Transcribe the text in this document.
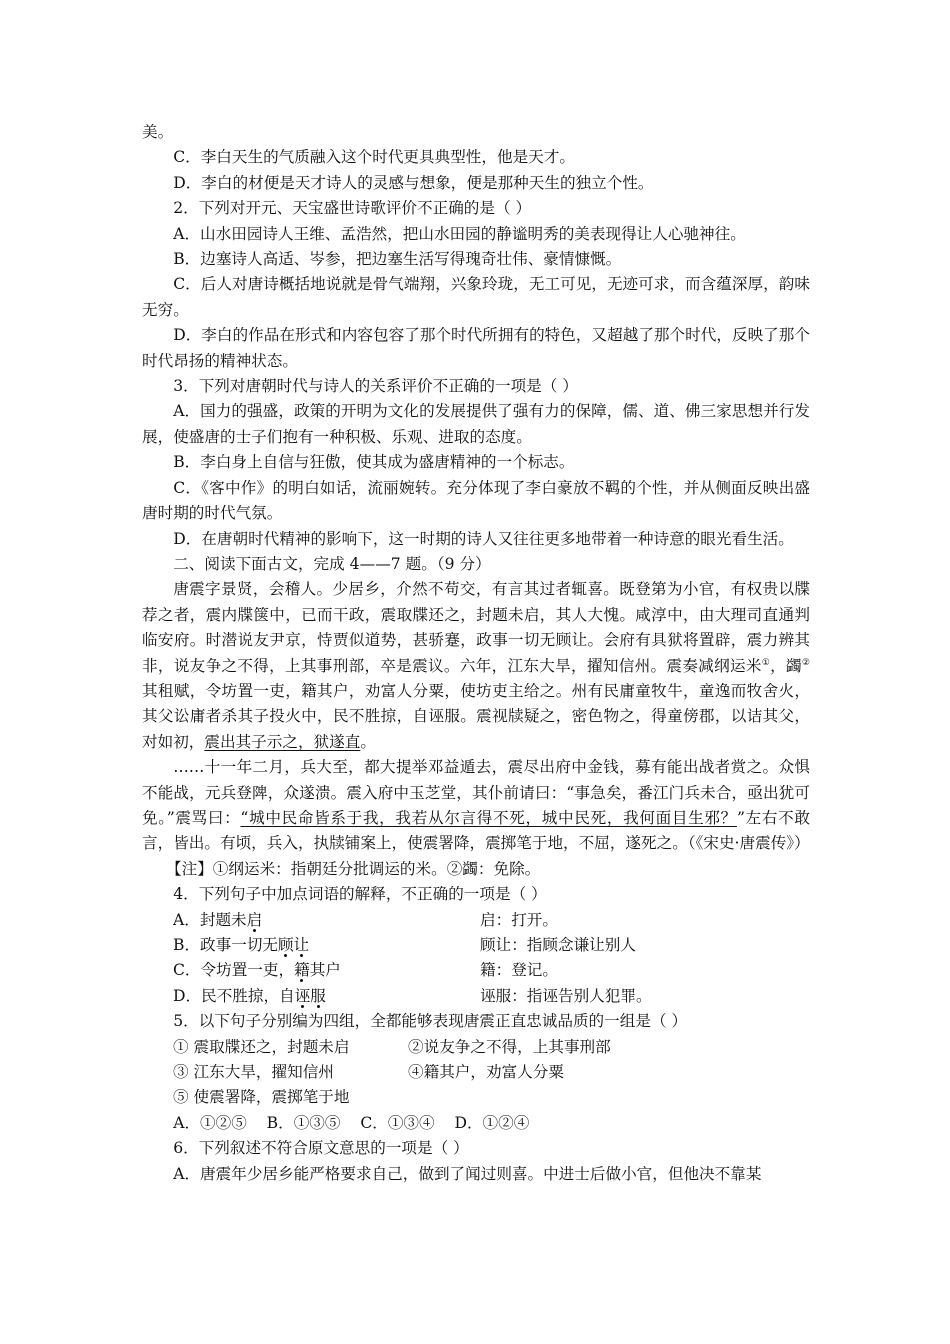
美。

C．李白天生的气质融入这个时代更具典型性，他是天才。

D．李白的材便是天才诗人的灵感与想象，便是那种天生的独立个性。

2．下列对开元、天宝盛世诗歌评价不正确的是（ ）

A．山水田园诗人王维、孟浩然，把山水田园的静谧明秀的美表现得让人心驰神往。

B．边塞诗人高适、岑参，把边塞生活写得瑰奇壮伟、豪情慷慨。

C．后人对唐诗概括地说就是骨气端翔，兴象玲珑，无工可见，无迹可求，而含蕴深厚，韵味无穷。

D．李白的作品在形式和内容包容了那个时代所拥有的特色，又超越了那个时代，反映了那个时代昂扬的精神状态。

3．下列对唐朝时代与诗人的关系评价不正确的一项是（ ）

A．国力的强盛，政策的开明为文化的发展提供了强有力的保障，儒、道、佛三家思想并行发展，使盛唐的士子们抱有一种积极、乐观、进取的态度。

B．李白身上自信与狂傲，使其成为盛唐精神的一个标志。

C．《客中作》的明白如话，流丽婉转。充分体现了李白豪放不羁的个性，并从侧面反映出盛唐时期的时代气氛。

D．在唐朝时代精神的影响下，这一时期的诗人又往往更多地带着一种诗意的眼光看生活。

二、阅读下面古文，完成 4——7 题。（9 分）

唐震字景贤，会稽人。少居乡，介然不苟交，有言其过者辄喜。既登第为小官，有权贵以牒荐之者，震内牒箧中，已而干政，震取牒还之，封题未启，其人大愧。咸淳中，由大理司直通判临安府。时潜说友尹京，恃贾似道势，甚骄蹇，政事一切无顾让。会府有具狱将置辟，震力辨其非，说友争之不得，上其事刑部，卒是震议。六年，江东大旱，擢知信州。震奏减纲运米①，蠲②其租赋，令坊置一吏，籍其户，劝富人分粟，使坊吏主给之。州有民庸童牧牛，童逸而牧舍火，其父讼庸者杀其子投火中，民不胜掠，自诬服。震视牍疑之，密色物之，得童傍郡，以诘其父，对如初，震出其子示之，狱遂直。

……十一年二月，兵大至，都大提举邓益遁去，震尽出府中金钱，募有能出战者赏之。众惧不能战，元兵登陴，众遂溃。震入府中玉芝堂，其仆前请曰：“事急矣，番江门兵未合，亟出犹可免。”震骂曰：“城中民命皆系于我，我若从尔言得不死，城中民死，我何面目生邪？”左右不敢言，皆出。有顷，兵入，执牍铺案上，使震署降，震掷笔于地，不屈，遂死之。（《宋史·唐震传》）

【注】①纲运米：指朝廷分批调运的米。②蠲：免除。

4．下列句子中加点词语的解释，不正确的一项是（ ）

A．封题未启	启：打开。
B．政事一切无顾让	顾让：指顾念谦让别人
C．令坊置一吏，籍其户	籍：登记。
D．民不胜掠，自诬服	诬服：指诬告别人犯罪。

5．以下句子分别编为四组，全都能够表现唐震正直忠诚品质的一组是（ ）

① 震取牒还之，封题未启	②说友争之不得，上其事刑部
③ 江东大旱，擢知信州	④籍其户，劝富人分粟
⑤ 使震署降，震掷笔于地

A．①②⑤    B．①③⑤    C．①③④    D．①②④

6．下列叙述不符合原文意思的一项是（ ）

A．唐震年少居乡能严格要求自己，做到了闻过则喜。中进士后做小官，但他决不靠某
